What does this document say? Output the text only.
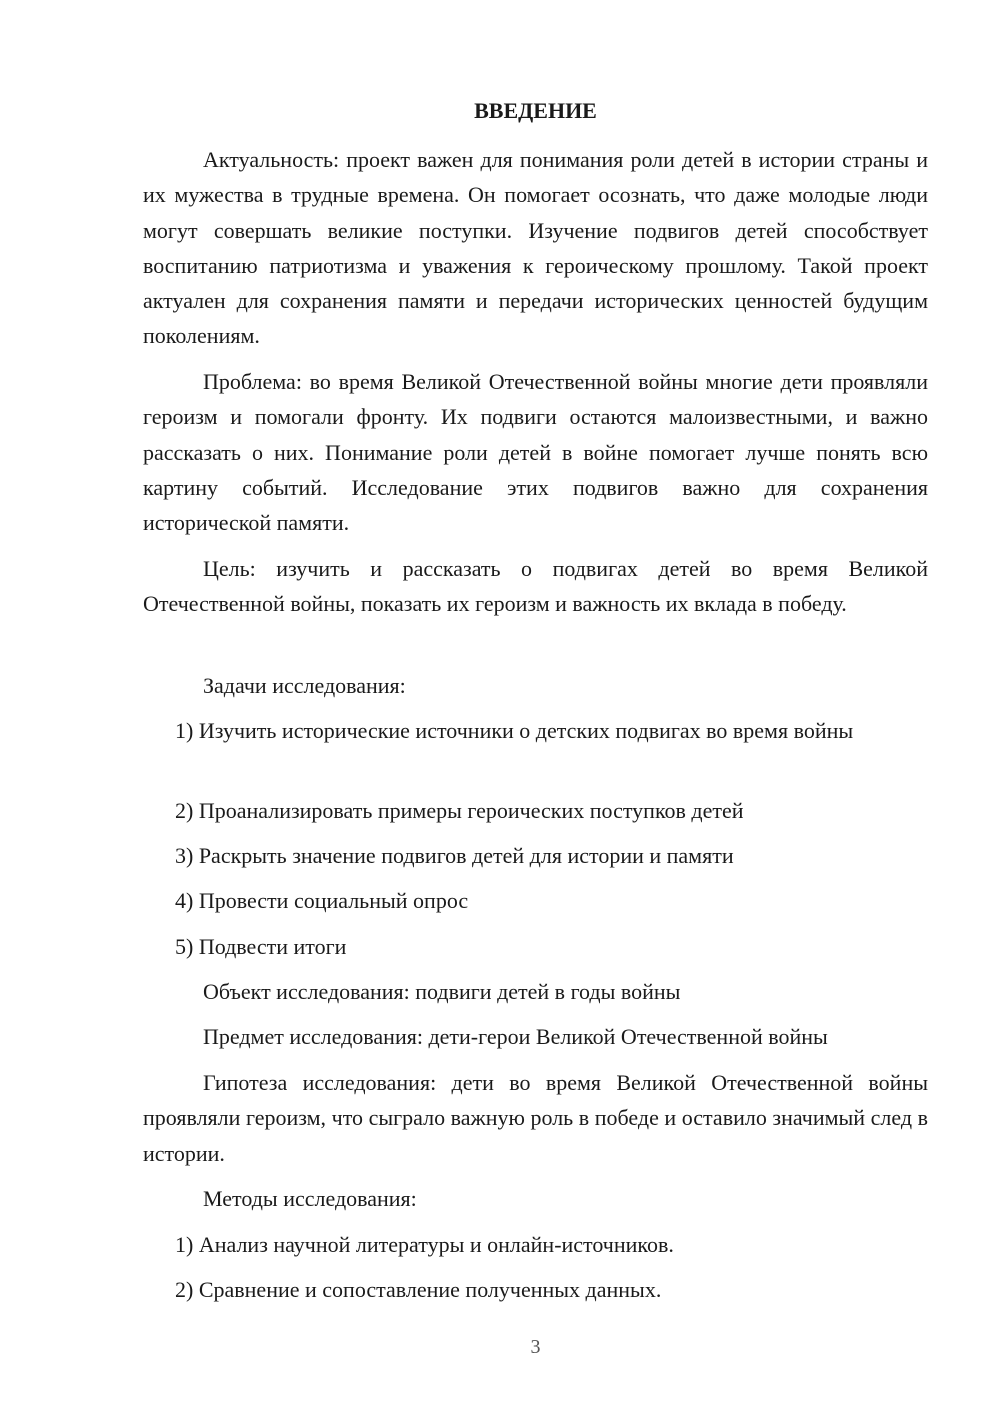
ВВЕДЕНИЕ

Актуальность: проект важен для понимания роли детей в истории страны и их мужества в трудные времена. Он помогает осознать, что даже молодые люди могут совершать великие поступки. Изучение подвигов детей способствует воспитанию патриотизма и уважения к героическому прошлому. Такой проект актуален для сохранения памяти и передачи исторических ценностей будущим поколениям.

Проблема: во время Великой Отечественной войны многие дети проявляли героизм и помогали фронту. Их подвиги остаются малоизвестными, и важно рассказать о них. Понимание роли детей в войне помогает лучше понять всю картину событий. Исследование этих подвигов важно для сохранения исторической памяти.

Цель: изучить и рассказать о подвигах детей во время Великой Отечественной войны, показать их героизм и важность их вклада в победу.

Задачи исследования:

1) Изучить исторические источники о детских подвигах во время войны

2) Проанализировать примеры героических поступков детей

3) Раскрыть значение подвигов детей для истории и памяти

4) Провести социальный опрос

5) Подвести итоги

Объект исследования: подвиги детей в годы войны

Предмет исследования: дети-герои Великой Отечественной войны

Гипотеза исследования: дети во время Великой Отечественной войны проявляли героизм, что сыграло важную роль в победе и оставило значимый след в истории.

Методы исследования:

1) Анализ научной литературы и онлайн-источников.

2) Сравнение и сопоставление полученных данных.

3
